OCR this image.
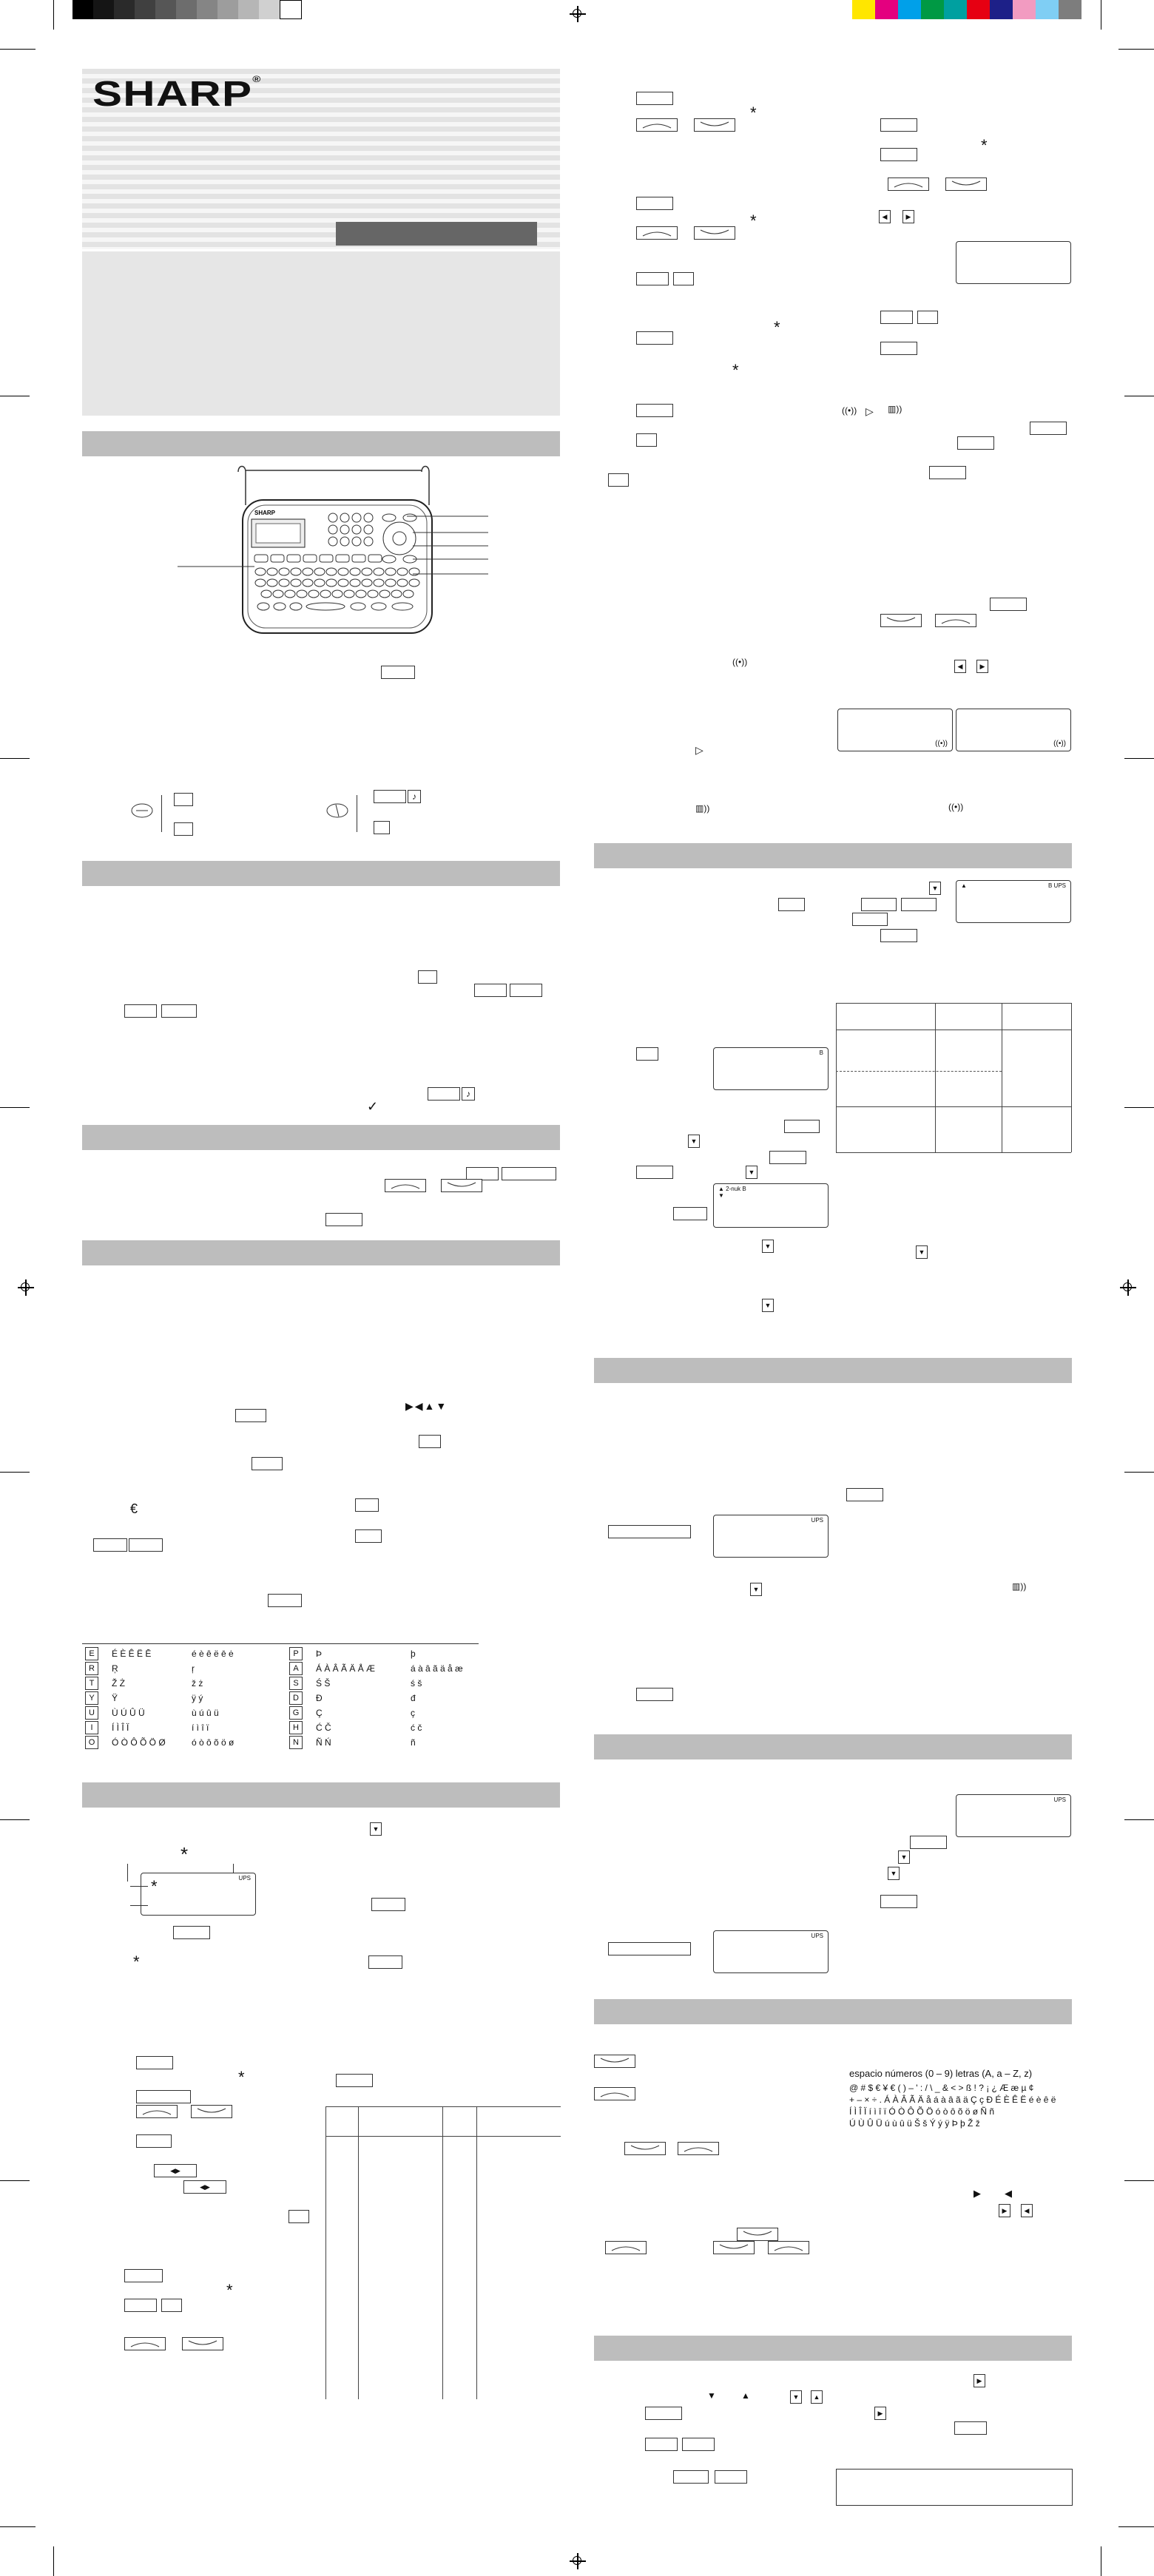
SHARP®
SHARP
♪
♪
✓
▶◀▲▼
€
E	É È Ê Ë Ē	é è ê ë ē ė
R	Ŗ	ŗ
T	Ž Ż	ž ż
Y	Ÿ	ÿ ý
U	Ù Ú Û Ü	ù ú û ü
I	Í Ì Î Ï	í ì î ï
O	Ó Ò Ô Õ Ö Ø	ó ò ô õ ö ø
P	Þ	þ
A	Á À Â Ã Ä Å Æ	á à â ã ä å æ
S	Ś Š	ś š
D	Đ	đ
G	Ç	ç
H	Ć Č	ć č
N	Ñ Ń	ñ
▼
*
UPS
*
*
*
◀▶
◀▶
*
*
*
*
*
*
◀	▶
((•)) ▷ ▥))
◀	▶
((•))
((•))	((•))
▷
▥))	((•))
▼	▲	B UPS
B
▼
▼
▲ 2-nuk B
▼
▼
▼
▼
UPS
▼	▥))
UPS
▼
▼
UPS
espacio números (0 – 9) letras (A, a – Z, z)
@ # $ € ¥ € ( ) – ' : / \ _ & < > ß ! ? ¡ ¿ Æ æ µ ¢
+ – × ÷ . Á À Â Ã Ä å á à â ã ä Ç ç Ð É È Ê Ë é è ê ë
Í Ì Î Ï í ì î ï Ó Ò Ô Õ Ö ó ò ô õ ö ø Ñ ñ
Ú Ù Û Ü ú ù û ü Š š Ý ý ÿ Þ þ Ž ž
▶ ◀
▶	◀
▶
▼	▲	▼	▲
▶
